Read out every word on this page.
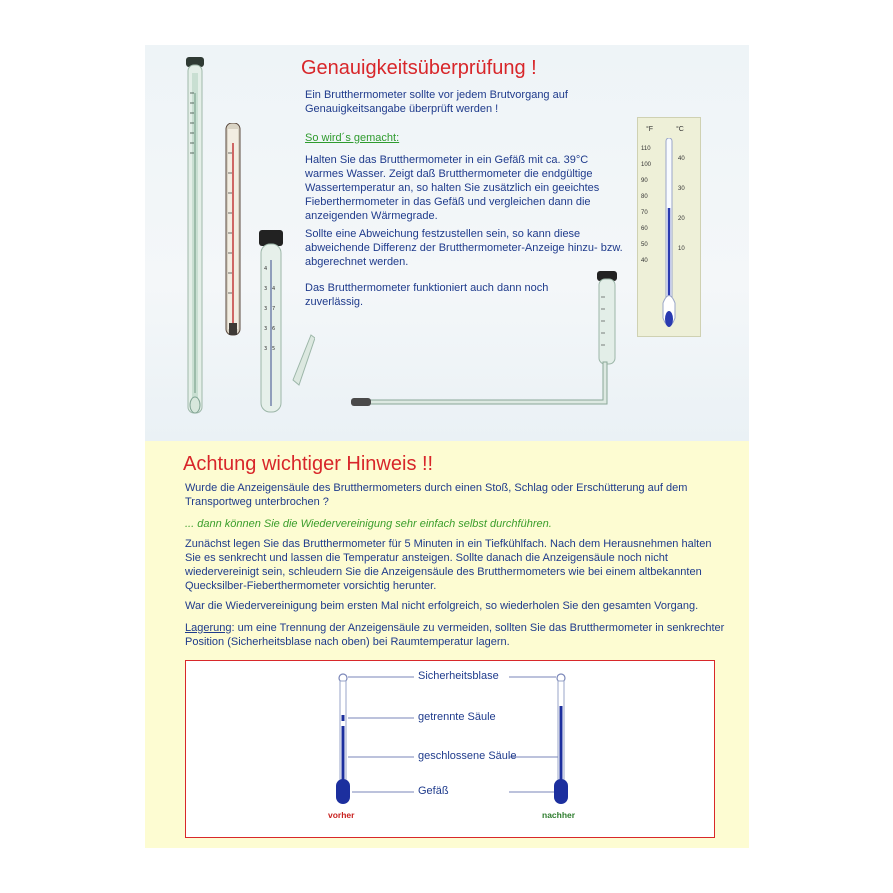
4
3
3
3
3
4
7
6
5
Genauigkeitsüberprüfung !

Ein Brutthermometer sollte vor jedem Brutvorgang auf Genauigkeitsangabe überprüft werden !

So wird´s gemacht:

Halten Sie das Brutthermometer in ein Gefäß mit ca. 39°C warmes Wasser. Zeigt daß Brutthermometer die endgültige Wassertemperatur an, so halten Sie zusätzlich ein geeichtes Fieberthermometer in das Gefäß und vergleichen dann die anzeigenden Wärmegrade.

Sollte eine Abweichung festzustellen sein, so kann diese abweichende Differenz der Brutthermometer-Anzeige hinzu- bzw. abgerechnet werden.

Das Brutthermometer funktioniert auch dann noch zuverlässig.

°F	°C
110
100
90
80
70
60
50
40
40
30
20
10
Achtung wichtiger Hinweis !!

Wurde die Anzeigensäule des Brutthermometers durch einen Stoß, Schlag oder Erschütterung auf dem Transportweg unterbrochen ?

... dann können Sie die Wiedervereinigung sehr einfach selbst durchführen.

Zunächst legen Sie das Brutthermometer für 5 Minuten in ein Tiefkühlfach. Nach dem Herausnehmen halten Sie es senkrecht und lassen die Temperatur ansteigen. Sollte danach die Anzeigensäule noch nicht wiedervereinigt sein, schleudern Sie die Anzeigensäule des Brutthermometers wie bei einem altbekannten Quecksilber-Fieberthermometer vorsichtig herunter.

War die Wiedervereinigung beim ersten Mal nicht erfolgreich, so wiederholen Sie den gesamten Vorgang.

Lagerung: um eine Trennung der Anzeigensäule zu vermeiden, sollten Sie das Brutthermometer in senkrechter Position (Sicherheitsblase nach oben) bei Raumtemperatur lagern.

Sicherheitsblase
getrennte Säule
geschlossene Säule
Gefäß
vorher	nachher
